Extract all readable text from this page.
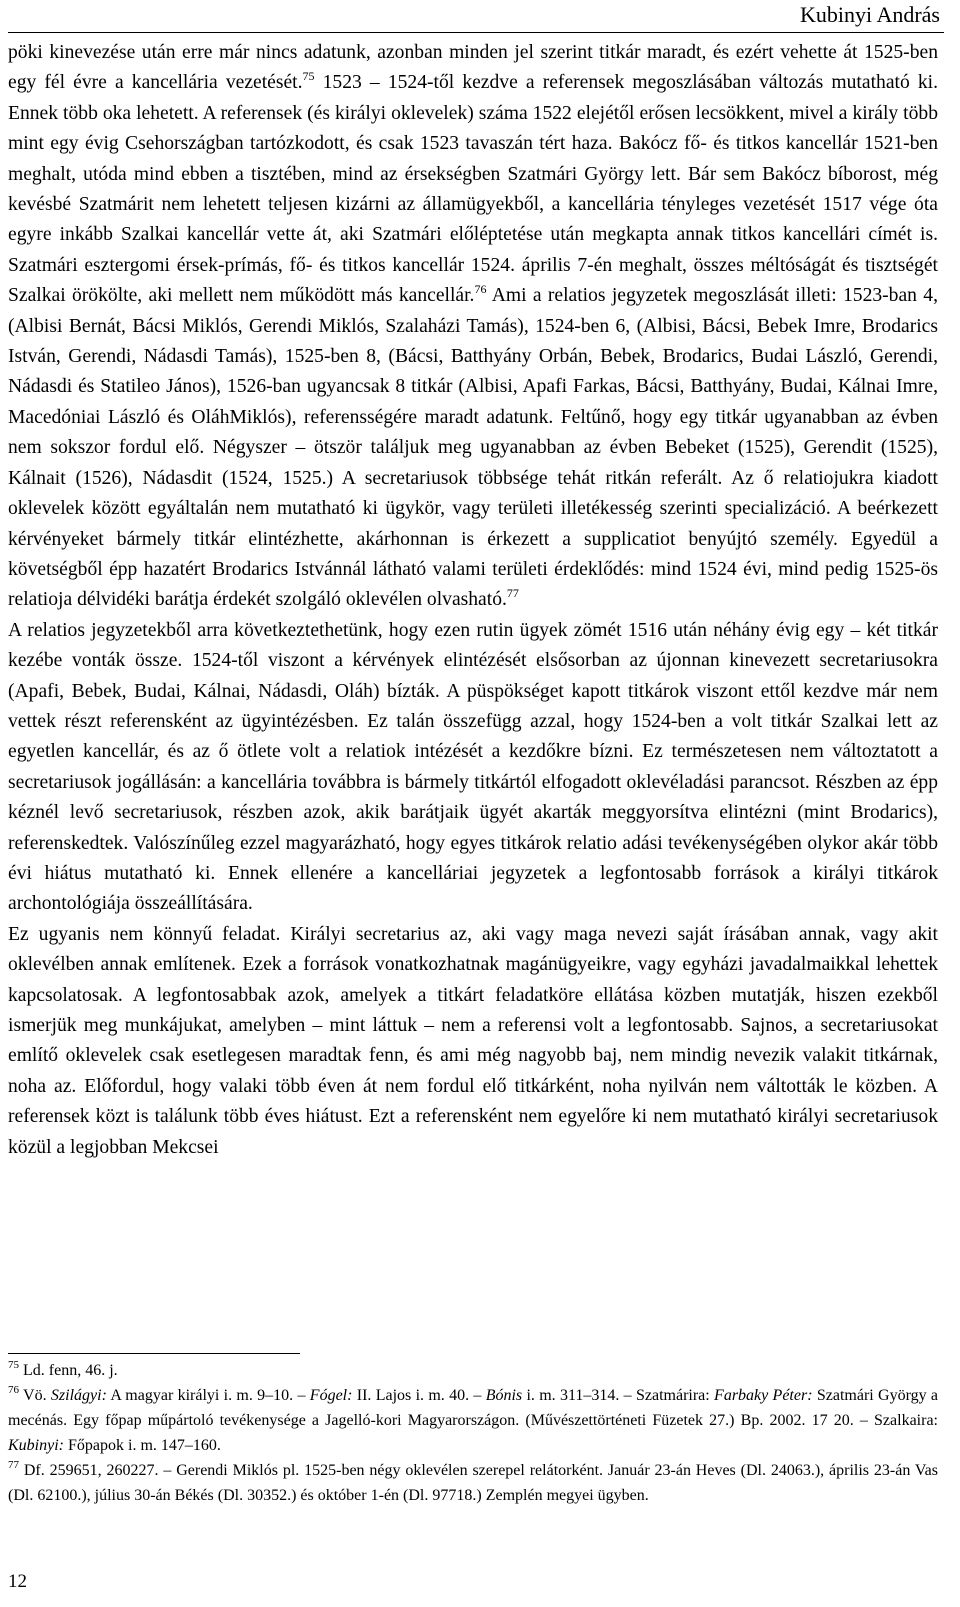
Kubinyi András

pöki kinevezése után erre már nincs adatunk, azonban minden jel szerint titkár maradt, és ezért vehette át 1525-ben egy fél évre a kancellária vezetését.$^{75}$ 1523 – 1524-től kezdve a referensek megoszlásában változás mutatható ki. Ennek több oka lehetett. A referensek (és királyi oklevelek) száma 1522 elejétől erősen lecsökkent, mivel a király több mint egy évig Csehországban tartózkodott, és csak 1523 tavaszán tért haza. Bakócz fő- és titkos kancellár 1521-ben meghalt, utóda mind ebben a tisztében, mind az érsekségben Szatmári György lett. Bár sem Bakócz bíborost, még kevésbé Szatmárit nem lehetett teljesen kizárni az államügyekből, a kancellária tényleges vezetését 1517 vége óta egyre inkább Szalkai kancellár vette át, aki Szatmári előléptetése után megkapta annak titkos kancellári címét is. Szatmári esztergomi érsek-prímás, fő- és titkos kancellár 1524. április 7-én meghalt, összes méltóságát és tisztségét Szalkai örökölte, aki mellett nem működött más kancellár.$^{76}$ Ami a relatios jegyzetek megoszlását illeti: 1523-ban 4, (Albisi Bernát, Bácsi Miklós, Gerendi Miklós, Szalaházi Tamás), 1524-ben 6, (Albisi, Bácsi, Bebek Imre, Brodarics István, Gerendi, Nádasdi Tamás), 1525-ben 8, (Bácsi, Batthyány Orbán, Bebek, Brodarics, Budai László, Gerendi, Nádasdi és Statileo János), 1526-ban ugyancsak 8 titkár (Albisi, Apafi Farkas, Bácsi, Batthyány, Budai, Kálnai Imre, Macedóniai László és OláhMiklós), referensségére maradt adatunk. Feltűnő, hogy egy titkár ugyanabban az évben nem sokszor fordul elő. Négyszer – ötször találjuk meg ugyanabban az évben Bebeket (1525), Gerendit (1525), Kálnait (1526), Nádasdit (1524, 1525.) A secretariusok többsége tehát ritkán referált. Az ő relatiojukra kiadott oklevelek között egyáltalán nem mutatható ki ügykör, vagy területi illetékesség szerinti specializáció. A beérkezett kérvényeket bármely titkár elintézhette, akárhonnan is érkezett a supplicatiot benyújtó személy. Egyedül a követségből épp hazatért Brodarics Istvánnál látható valami területi érdeklődés: mind 1524 évi, mind pedig 1525-ös relatioja délvidéki barátja érdekét szolgáló oklevélen olvasható.$^{77}$

A relatios jegyzetekből arra következtethetünk, hogy ezen rutin ügyek zömét 1516 után néhány évig egy – két titkár kezébe vonták össze. 1524-től viszont a kérvények elintézését elsősorban az újonnan kinevezett secretariusokra (Apafi, Bebek, Budai, Kálnai, Nádasdi, Oláh) bízták. A püspökséget kapott titkárok viszont ettől kezdve már nem vettek részt referensként az ügyintézésben. Ez talán összefügg azzal, hogy 1524-ben a volt titkár Szalkai lett az egyetlen kancellár, és az ő ötlete volt a relatiok intézését a kezdőkre bízni. Ez természetesen nem változtatott a secretariusok jogállásán: a kancellária továbbra is bármely titkártól elfogadott oklevéladási parancsot. Részben az épp kéznél levő secretariusok, részben azok, akik barátjaik ügyét akarták meggyorsítva elintézni (mint Brodarics), referenskedtek. Valószínűleg ezzel magyarázható, hogy egyes titkárok relatio adási tevékenységében olykor akár több évi hiátus mutatható ki. Ennek ellenére a kancelláriai jegyzetek a legfontosabb források a királyi titkárok archontológiája összeállítására.

Ez ugyanis nem könnyű feladat. Királyi secretarius az, aki vagy maga nevezi saját írásában annak, vagy akit oklevélben annak említenek. Ezek a források vonatkozhatnak magánügyeikre, vagy egyházi javadalmaikkal lehettek kapcsolatosak. A legfontosabbak azok, amelyek a titkárt feladatköre ellátása közben mutatják, hiszen ezekből ismerjük meg munkájukat, amelyben – mint láttuk – nem a referensi volt a legfontosabb. Sajnos, a secretariusokat említő oklevelek csak esetlegesen maradtak fenn, és ami még nagyobb baj, nem mindig nevezik valakit titkárnak, noha az. Előfordul, hogy valaki több éven át nem fordul elő titkárként, noha nyilván nem váltották le közben. A referensek közt is találunk több éves hiátust. Ezt a referensként nem egyelőre ki nem mutatható királyi secretariusok közül a legjobban Mekcsei

$^{75}$ Ld. fenn, 46. j.

$^{76}$ Vö. Szilágyi: A magyar királyi i. m. 9–10. – Fógel: II. Lajos i. m. 40. – Bónis i. m. 311–314. – Szatmárira: Farbaky Péter: Szatmári György a mecénás. Egy főpap műpártoló tevékenysége a Jagelló-kori Magyarországon. (Művészettörténeti Füzetek 27.) Bp. 2002. 17 20. – Szalkaira: Kubinyi: Főpapok i. m. 147–160.

$^{77}$ Df. 259651, 260227. – Gerendi Miklós pl. 1525-ben négy oklevélen szerepel relátorként. Január 23-án Heves (Dl. 24063.), április 23-án Vas (Dl. 62100.), július 30-án Békés (Dl. 30352.) és október 1-én (Dl. 97718.) Zemplén megyei ügyben.

12
